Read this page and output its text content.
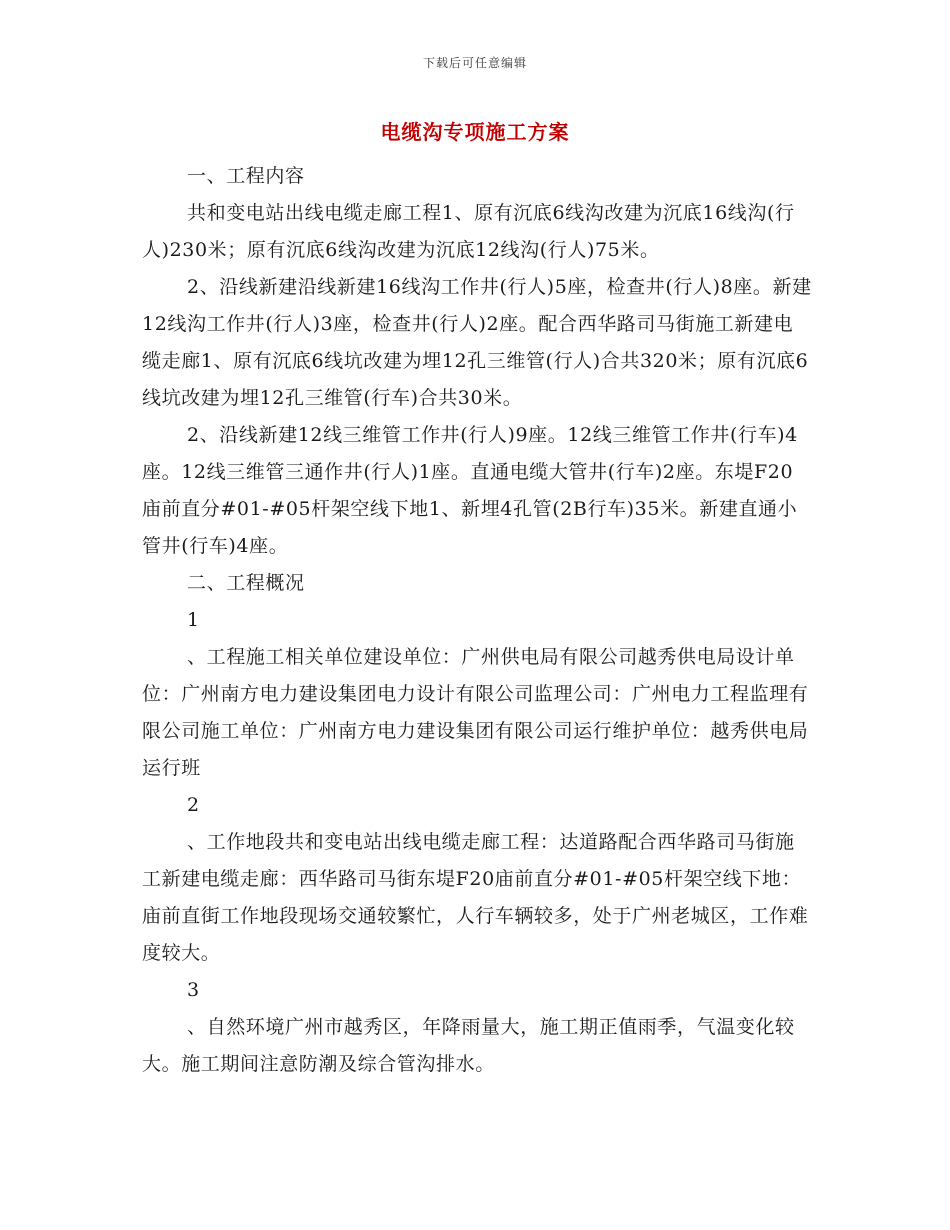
下载后可任意编辑
电缆沟专项施工方案

一、工程内容

共和变电站出线电缆走廊工程1、原有沉底6线沟改建为沉底16线沟(行人)230米；原有沉底6线沟改建为沉底12线沟(行人)75米。

2、沿线新建沿线新建16线沟工作井(行人)5座，检查井(行人)8座。新建12线沟工作井(行人)3座，检查井(行人)2座。配合西华路司马街施工新建电缆走廊1、原有沉底6线坑改建为埋12孔三维管(行人)合共320米；原有沉底6线坑改建为埋12孔三维管(行车)合共30米。

2、沿线新建12线三维管工作井(行人)9座。12线三维管工作井(行车)4座。12线三维管三通作井(行人)1座。直通电缆大管井(行车)2座。东堤F20庙前直分#01-#05杆架空线下地1、新埋4孔管(2B行车)35米。新建直通小管井(行车)4座。

二、工程概况

1

、工程施工相关单位建设单位：广州供电局有限公司越秀供电局设计单位：广州南方电力建设集团电力设计有限公司监理公司：广州电力工程监理有限公司施工单位：广州南方电力建设集团有限公司运行维护单位：越秀供电局运行班

2

、工作地段共和变电站出线电缆走廊工程：达道路配合西华路司马街施工新建电缆走廊：西华路司马街东堤F20庙前直分#01-#05杆架空线下地：庙前直街工作地段现场交通较繁忙，人行车辆较多，处于广州老城区，工作难度较大。

3

、自然环境广州市越秀区，年降雨量大，施工期正值雨季，气温变化较大。施工期间注意防潮及综合管沟排水。
